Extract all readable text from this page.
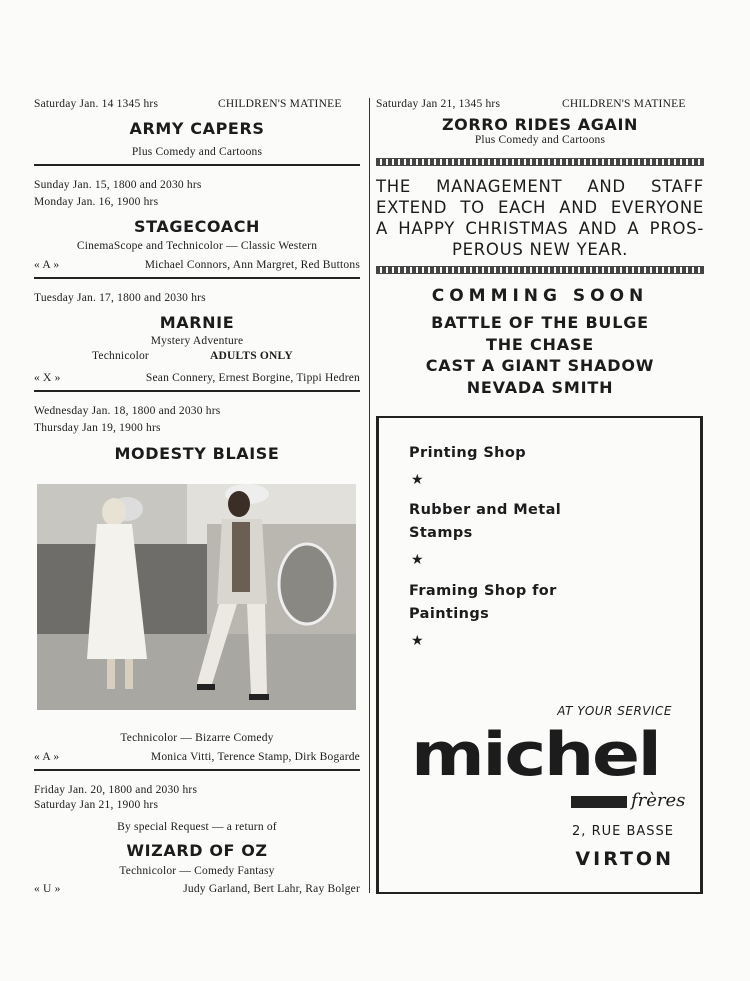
Saturday Jan. 14 1345 hrs	CHILDREN'S MATINEE
ARMY CAPERS
Plus Comedy and Cartoons
Sunday Jan. 15, 1800 and 2030 hrs
Monday Jan. 16, 1900 hrs
STAGECOACH
CinemaScope and Technicolor — Classic Western
« A »	Michael Connors, Ann Margret, Red Buttons
Tuesday Jan. 17, 1800 and 2030 hrs
MARNIE
Mystery Adventure
Technicolor	ADULTS ONLY
« X »	Sean Connery, Ernest Borgine, Tippi Hedren
Wednesday Jan. 18, 1800 and 2030 hrs
Thursday Jan 19, 1900 hrs
MODESTY BLAISE
Technicolor — Bizarre Comedy
« A »	Monica Vitti, Terence Stamp, Dirk Bogarde
Friday Jan. 20, 1800 and 2030 hrs
Saturday Jan 21, 1900 hrs
By special Request — a return of
WIZARD OF OZ
Technicolor — Comedy Fantasy
« U »	Judy Garland, Bert Lahr, Ray Bolger
Saturday Jan 21, 1345 hrs	CHILDREN'S MATINEE
ZORRO RIDES AGAIN
Plus Comedy and Cartoons
THE MANAGEMENT AND STAFF
EXTEND TO EACH AND EVERYONE
A HAPPY CHRISTMAS AND A PROS-
PEROUS NEW YEAR.
COMMING SOON
BATTLE OF THE BULGE
THE CHASE
CAST A GIANT SHADOW
NEVADA SMITH
Printing Shop
★
Rubber and Metal
Stamps
★
Framing Shop for
Paintings
★
AT YOUR SERVICE
michel
frères
2, RUE BASSE
VIRTON
